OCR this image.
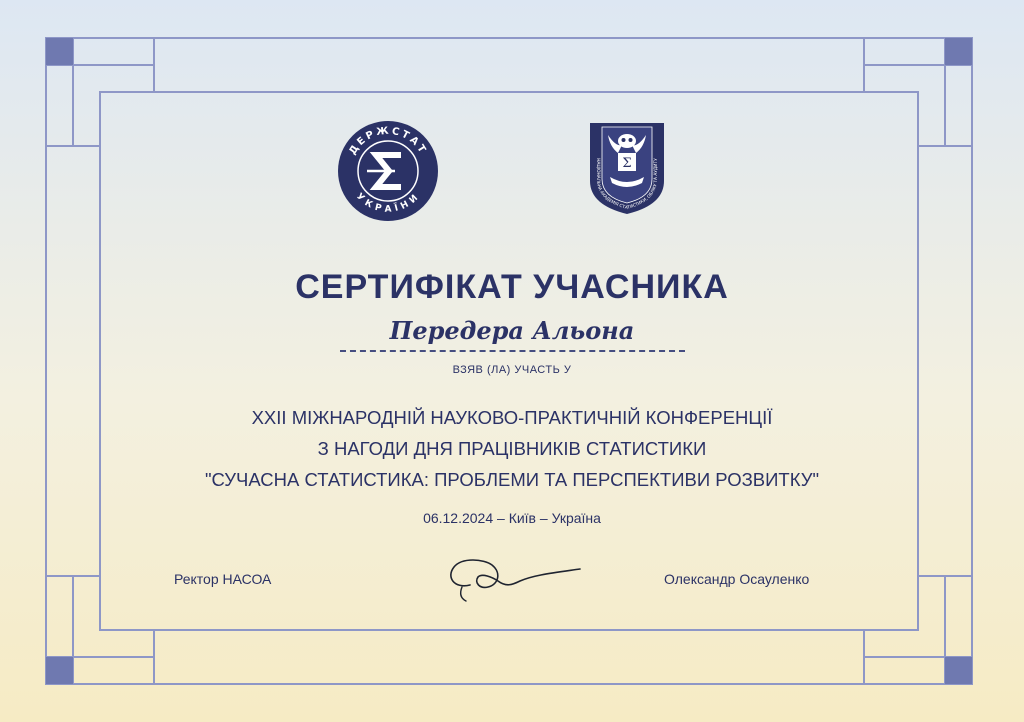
ДЕРЖСТАТ
УКРАЇНИ
НАЦІОНАЛЬНА АКАДЕМІЯ СТАТИСТИКИ, ОБЛІКУ ТА АУДИТУ
Σ
СЕРТИФІКАТ УЧАСНИКА
Передера Альона
ВЗЯВ (ЛА) УЧАСТЬ У
XXII МІЖНАРОДНІЙ НАУКОВО-ПРАКТИЧНІЙ КОНФЕРЕНЦІЇ
З НАГОДИ ДНЯ ПРАЦІВНИКІВ СТАТИСТИКИ
"СУЧАСНА СТАТИСТИКА: ПРОБЛЕМИ ТА ПЕРСПЕКТИВИ РОЗВИТКУ"
06.12.2024 – Київ – Україна
Ректор НАСОА	Олександр Осауленко
